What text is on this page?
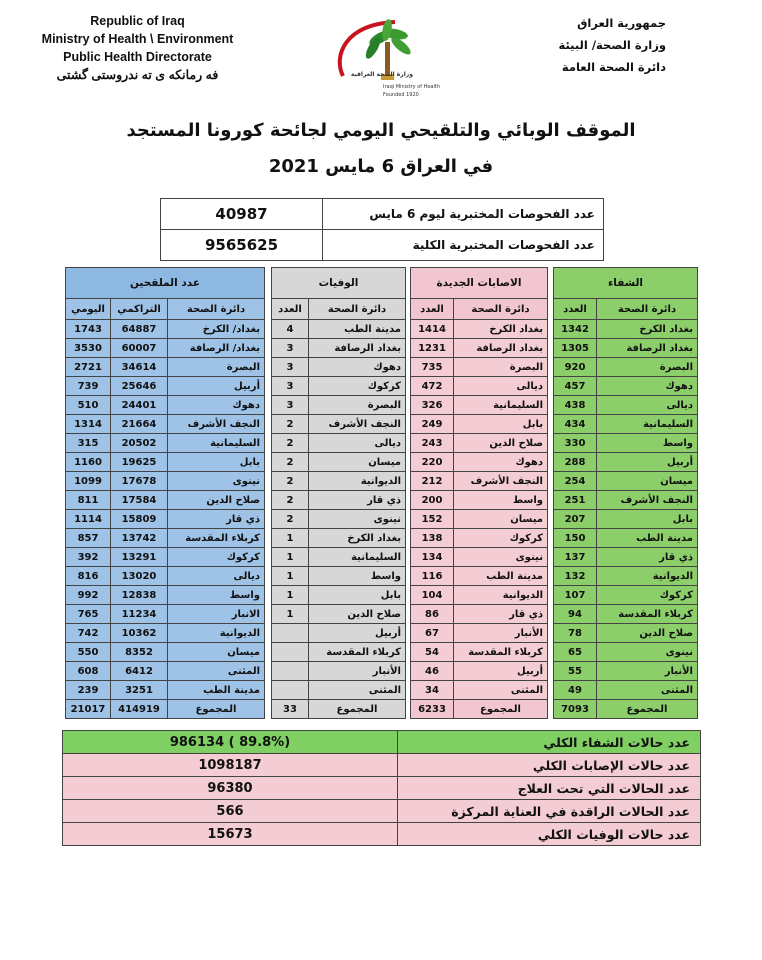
Republic of Iraq
Ministry of Health \ Environment
Public Health Directorate
فه رمانكه ى ته ندروستى گشتى
جمهورية العراق
وزارة الصحة/ البيئة
دائرة الصحة العامة
وزارة الصحة العراقية
Iraqi Ministry of Health
Founded 1920
الموقف الوبائي والتلقيحي اليومي لجائحة كورونا المستجد
في العراق 6 مايس 2021
40987	عدد الفحوصات المختبرية ليوم 6 مايس
9565625	عدد الفحوصات المختبرية الكلية
عدد الملقحين		
اليومي	التراكمي	دائرة الصحة
1743	64887	بغداد/ الكرخ
3530	60007	بغداد/ الرصافة
2721	34614	البصرة
739	25646	أربيل
510	24401	دهوك
1314	21664	النجف الأشرف
315	20502	السليمانية
1160	19625	بابل
1099	17678	نينوى
811	17584	صلاح الدين
1114	15809	ذي قار
857	13742	كربلاء المقدسة
392	13291	كركوك
816	13020	ديالى
992	12838	واسط
765	11234	الانبار
742	10362	الديوانية
550	8352	ميسان
608	6412	المثنى
239	3251	مدينة الطب
21017	414919	المجموع
الوفيات	
العدد	دائرة الصحة
4	مدينة الطب
3	بغداد الرصافة
3	دهوك
3	كركوك
3	البصرة
2	النجف الأشرف
2	ديالى
2	ميسان
2	الديوانية
2	ذي قار
2	نينوى
1	بغداد الكرخ
1	السليمانية
1	واسط
1	بابل
1	صلاح الدين
	أربيل
	كربلاء المقدسة
	الأنبار
	المثنى
33	المجموع
الاصابات الجديدة	
العدد	دائرة الصحة
1414	بغداد الكرخ
1231	بغداد الرصافة
735	البصرة
472	ديالى
326	السليمانية
249	بابل
243	صلاح الدين
220	دهوك
212	النجف الأشرف
200	واسط
152	ميسان
138	كركوك
134	نينوى
116	مدينة الطب
104	الديوانية
86	ذي قار
67	الأنبار
54	كربلاء المقدسة
46	أربيل
34	المثنى
6233	المجموع
الشفاء	
العدد	دائرة الصحة
1342	بغداد الكرخ
1305	بغداد الرصافة
920	البصرة
457	دهوك
438	ديالى
434	السليمانية
330	واسط
288	أربيل
254	ميسان
251	النجف الأشرف
207	بابل
150	مدينة الطب
137	ذي قار
132	الديوانية
107	كركوك
94	كربلاء المقدسة
78	صلاح الدين
65	نينوى
55	الأنبار
49	المثنى
7093	المجموع
986134 ( 89.8%)	عدد حالات الشفاء الكلي
1098187	عدد حالات الإصابات الكلي
96380	عدد الحالات التي تحت العلاج
566	عدد الحالات الراقدة في العناية المركزة
15673	عدد حالات الوفيات الكلي
